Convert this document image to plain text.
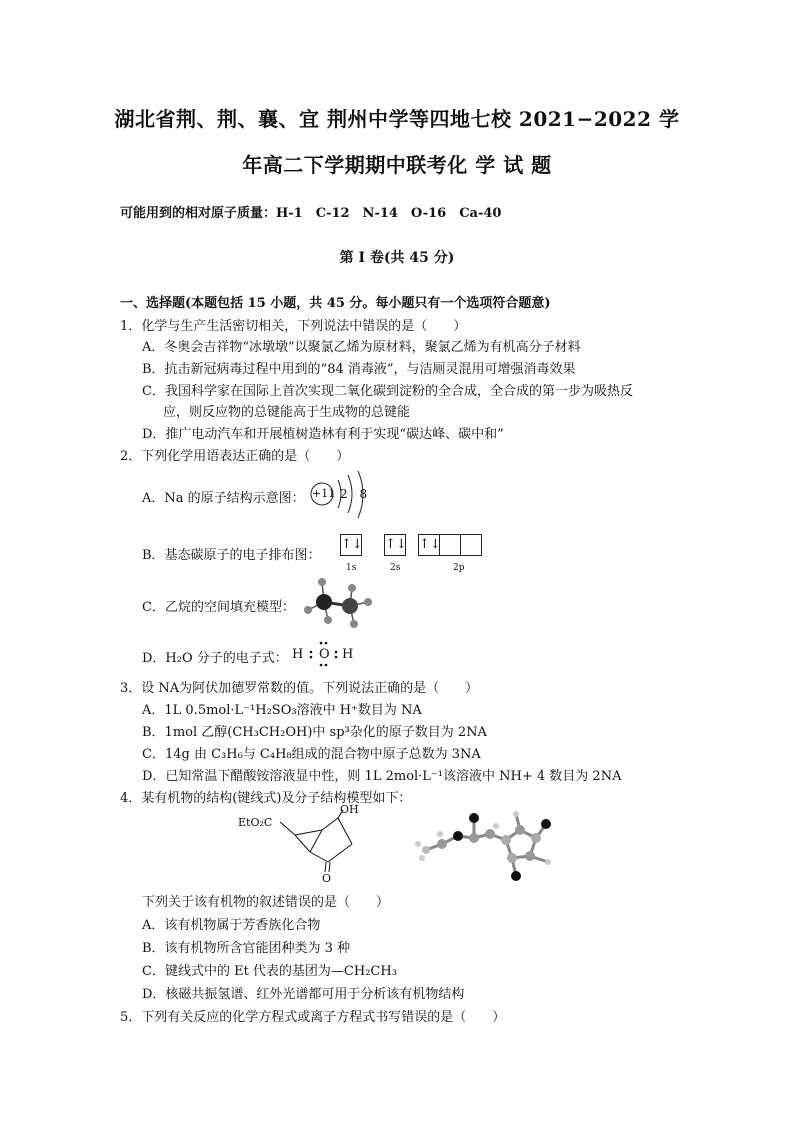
湖北省荆、荆、襄、宜 荆州中学等四地七校 2021−2022 学
年高二下学期期中联考化 学 试 题
可能用到的相对原子质量：H-1　C-12　N-14　O-16　Ca-40
第 I 卷(共 45 分)
一、选择题(本题包括 15 小题，共 45 分。每小题只有一个选项符合题意)
1．化学与生产生活密切相关，下列说法中错误的是（　　）
A．冬奥会吉祥物“冰墩墩”以聚氯乙烯为原材料，聚氯乙烯为有机高分子材料
B．抗击新冠病毒过程中用到的“84 消毒液”，与洁厕灵混用可增强消毒效果
C．我国科学家在国际上首次实现二氧化碳到淀粉的全合成，全合成的第一步为吸热反
应，则反应物的总键能高于生成物的总键能
D．推广电动汽车和开展植树造林有利于实现“碳达峰、碳中和”
2．下列化学用语表达正确的是（　　）
A．Na 的原子结构示意图： +11 2 8
B．基态碳原子的电子排布图：
↑↓ ↑↓ ↑↓
1s	2s	2p
C．乙烷的空间填充模型：
D．H₂O 分子的电子式： H O H
3．设 NA为阿伏加德罗常数的值。下列说法正确的是（　　）
A．1L 0.5mol·L⁻¹H₂SO₃溶液中 H⁺数目为 NA
B．1mol 乙醇(CH₃CH₂OH)中 sp³杂化的原子数目为 2NA
C．14g 由 C₃H₆与 C₄H₈组成的混合物中原子总数为 3NA
D．已知常温下醋酸铵溶液显中性，则 1L 2mol·L⁻¹该溶液中 NH+ 4 数目为 2NA
4．某有机物的结构(键线式)及分子结构模型如下：
EtO₂C
OH
O
下列关于该有机物的叙述错误的是（　　）
A．该有机物属于芳香族化合物
B．该有机物所含官能团种类为 3 种
C．键线式中的 Et 代表的基团为—CH₂CH₃
D．核磁共振氢谱、红外光谱都可用于分析该有机物结构
5．下列有关反应的化学方程式或离子方程式书写错误的是（　　）
